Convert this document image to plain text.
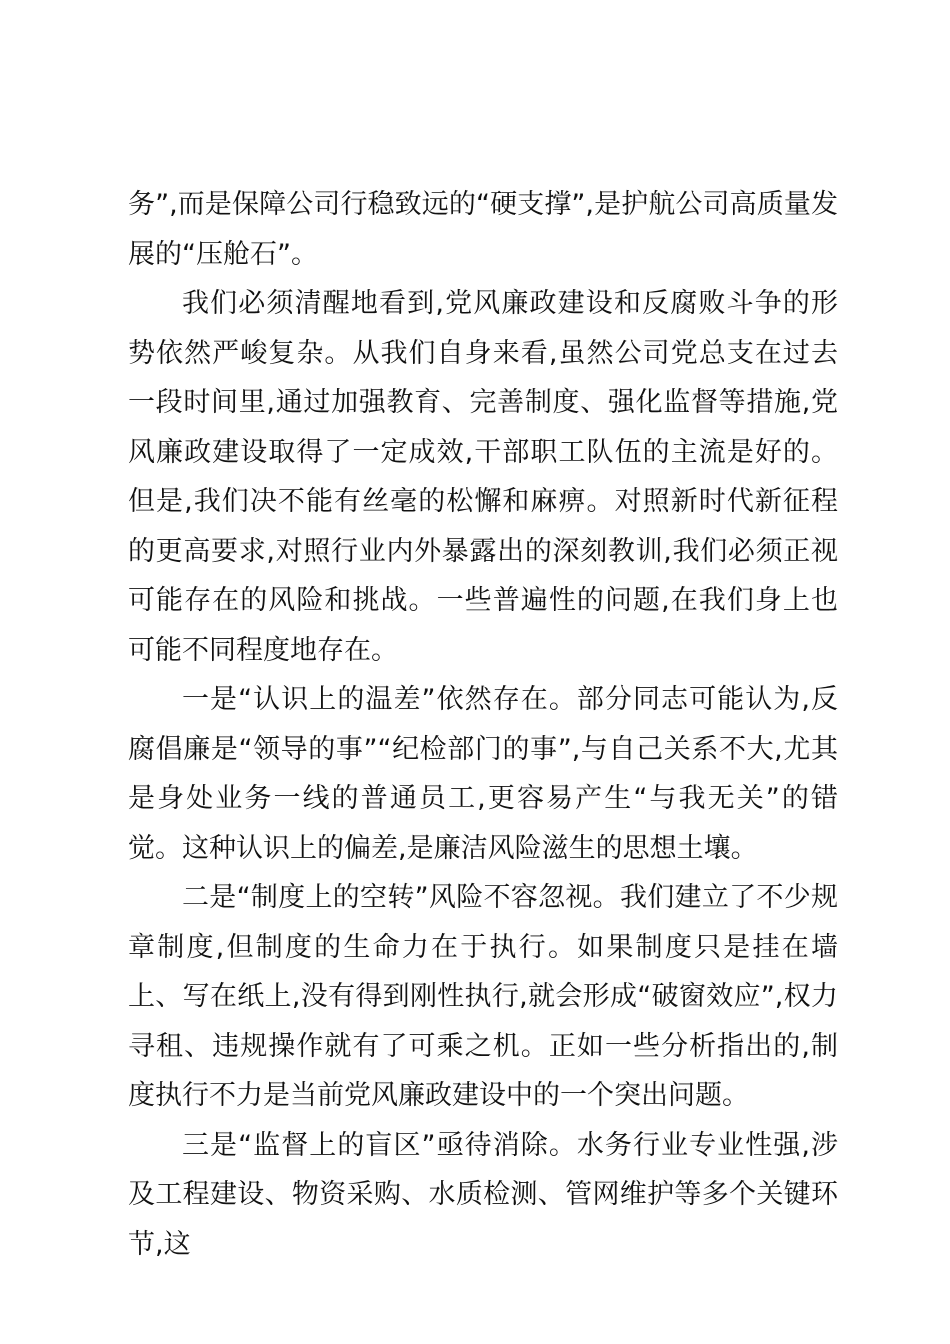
务”,而是保障公司行稳致远的“硬支撑”,是护航公司高质量发展的“压舱石”。

我们必须清醒地看到,党风廉政建设和反腐败斗争的形势依然严峻复杂。从我们自身来看,虽然公司党总支在过去一段时间里,通过加强教育、完善制度、强化监督等措施,党风廉政建设取得了一定成效,干部职工队伍的主流是好的。但是,我们决不能有丝毫的松懈和麻痹。对照新时代新征程的更高要求,对照行业内外暴露出的深刻教训,我们必须正视可能存在的风险和挑战。一些普遍性的问题,在我们身上也可能不同程度地存在。

一是“认识上的温差”依然存在。部分同志可能认为,反腐倡廉是“领导的事”“纪检部门的事”,与自己关系不大,尤其是身处业务一线的普通员工,更容易产生“与我无关”的错觉。这种认识上的偏差,是廉洁风险滋生的思想土壤。

二是“制度上的空转”风险不容忽视。我们建立了不少规章制度,但制度的生命力在于执行。如果制度只是挂在墙上、写在纸上,没有得到刚性执行,就会形成“破窗效应”,权力寻租、违规操作就有了可乘之机。正如一些分析指出的,制度执行不力是当前党风廉政建设中的一个突出问题。

三是“监督上的盲区”亟待消除。水务行业专业性强,涉及工程建设、物资采购、水质检测、管网维护等多个关键环节,这
